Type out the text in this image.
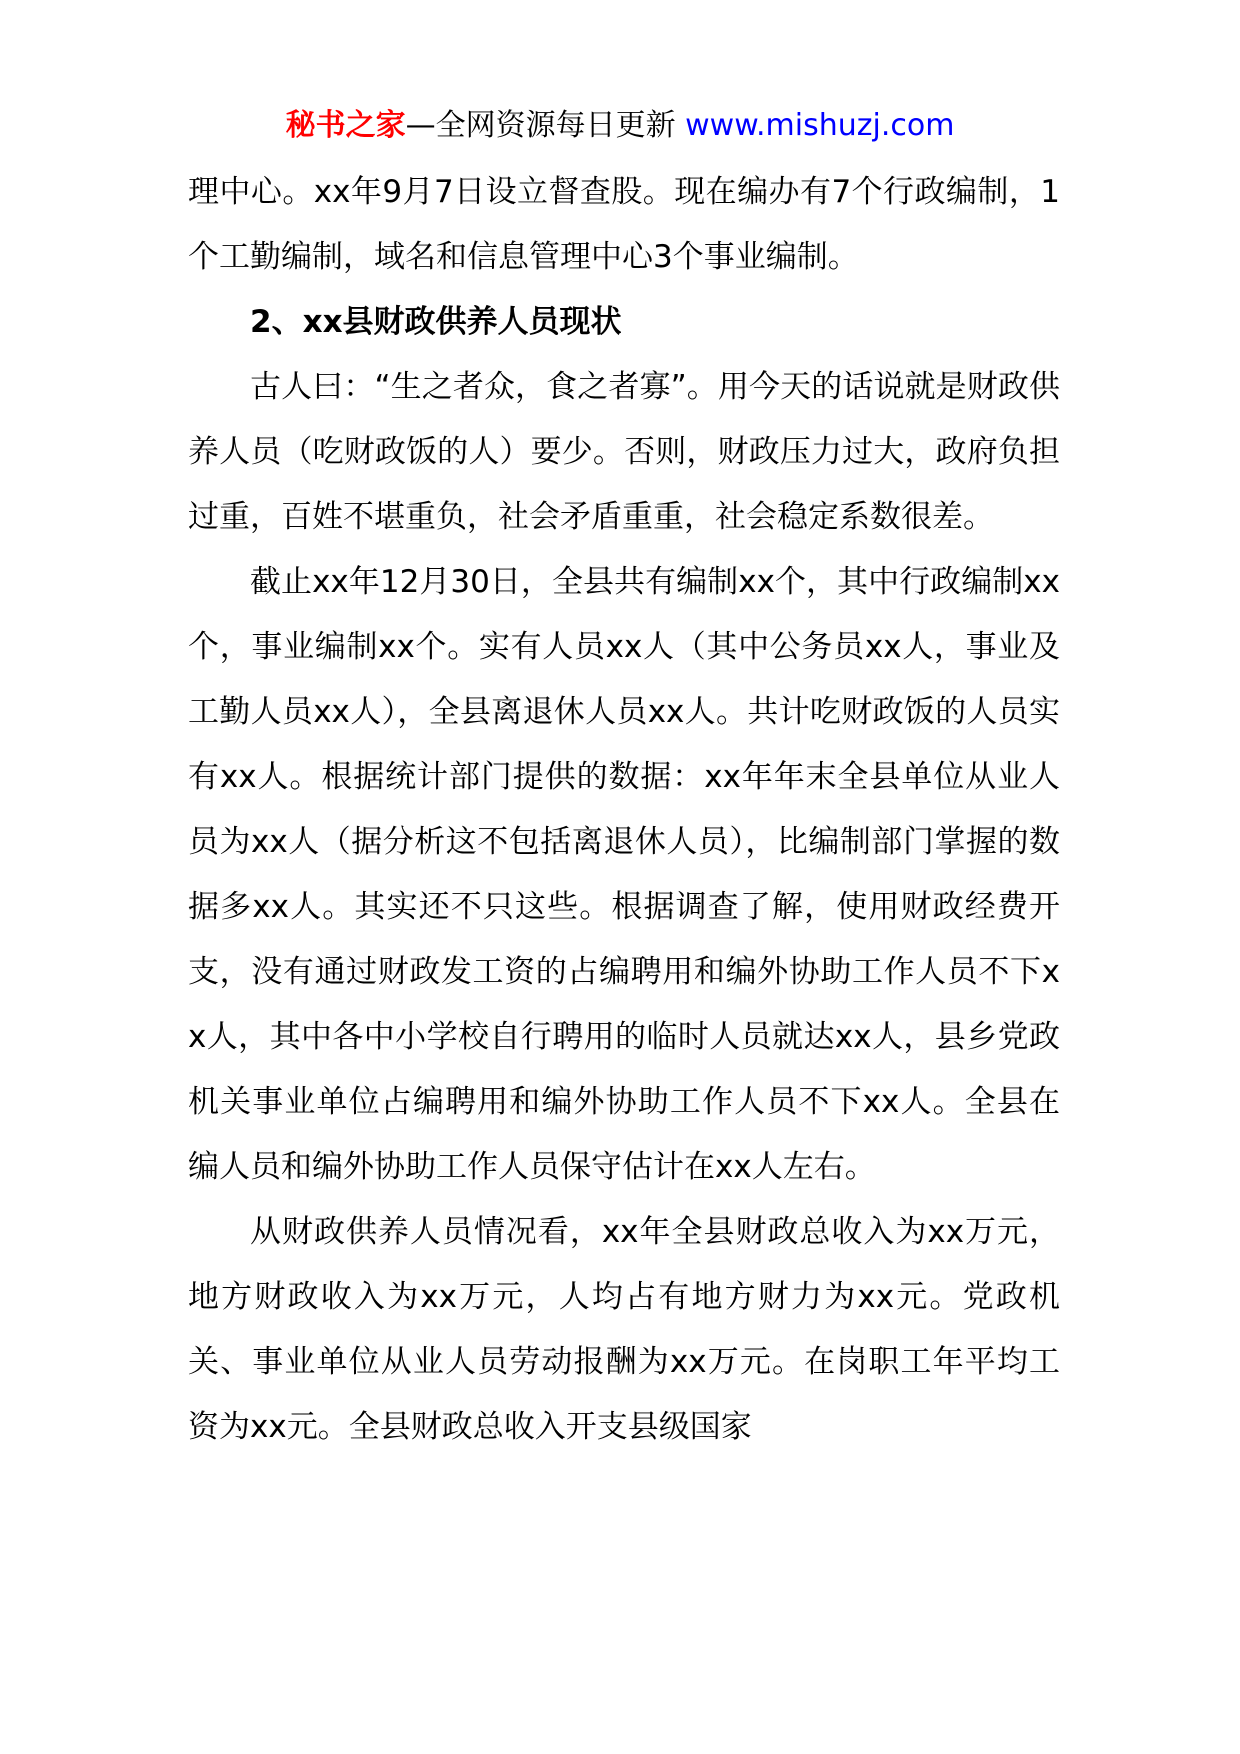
秘书之家—全网资源每日更新 www.mishuzj.com

理中心。xx年9月7日设立督查股。现在编办有7个行政编制，1个工勤编制，域名和信息管理中心3个事业编制。

2、xx县财政供养人员现状

古人曰：“生之者众，食之者寡”。用今天的话说就是财政供养人员（吃财政饭的人）要少。否则，财政压力过大，政府负担过重，百姓不堪重负，社会矛盾重重，社会稳定系数很差。

截止xx年12月30日，全县共有编制xx个，其中行政编制xx个，事业编制xx个。实有人员xx人（其中公务员xx人，事业及工勤人员xx人），全县离退休人员xx人。共计吃财政饭的人员实有xx人。根据统计部门提供的数据：xx年年末全县单位从业人员为xx人（据分析这不包括离退休人员），比编制部门掌握的数据多xx人。其实还不只这些。根据调查了解，使用财政经费开支，没有通过财政发工资的占编聘用和编外协助工作人员不下xx人，其中各中小学校自行聘用的临时人员就达xx人，县乡党政机关事业单位占编聘用和编外协助工作人员不下xx人。全县在编人员和编外协助工作人员保守估计在xx人左右。

从财政供养人员情况看，xx年全县财政总收入为xx万元，地方财政收入为xx万元，人均占有地方财力为xx元。党政机关、事业单位从业人员劳动报酬为xx万元。在岗职工年平均工资为xx元。全县财政总收入开支县级国家
